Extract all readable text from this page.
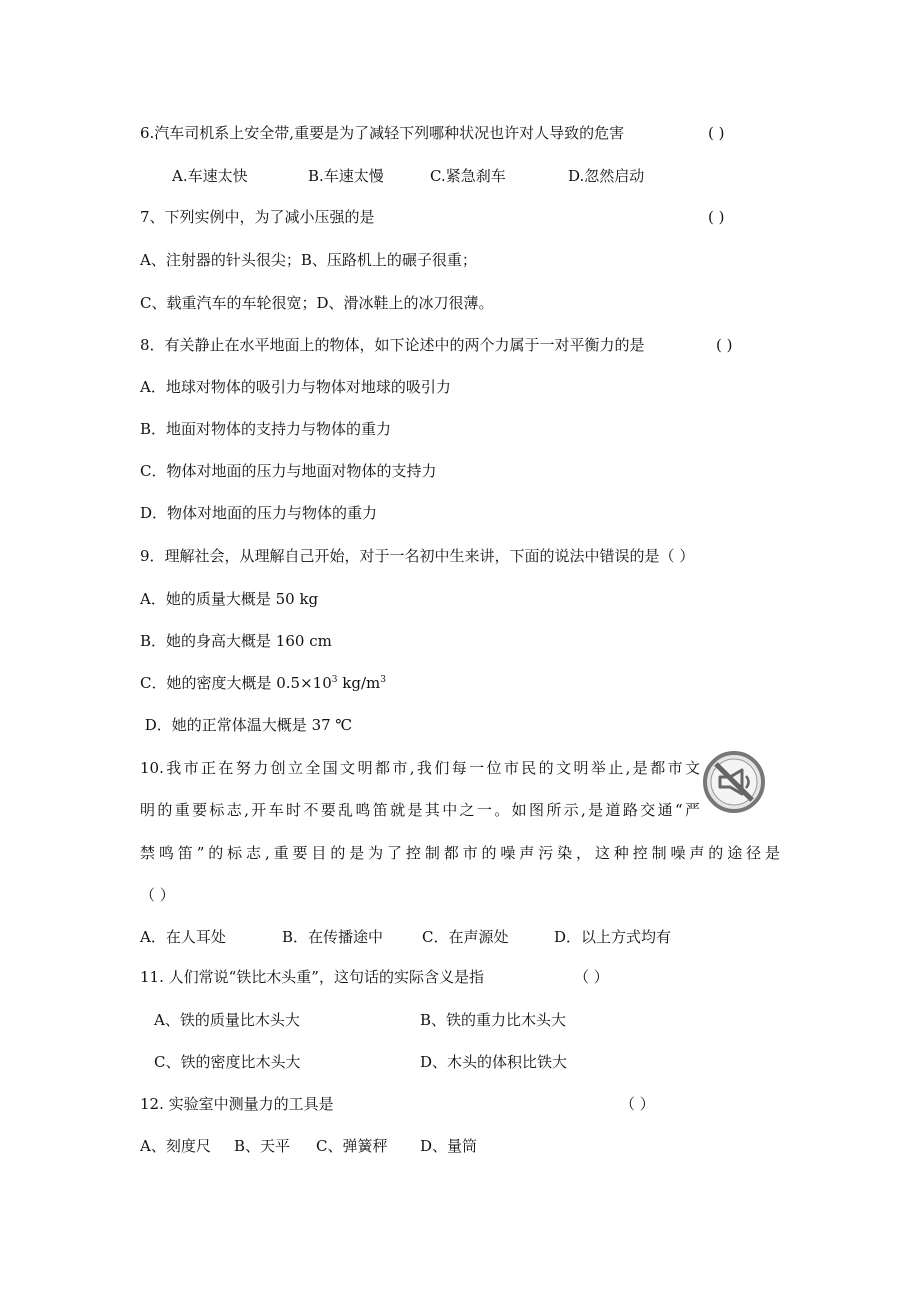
6.汽车司机系上安全带,重要是为了减轻下列哪种状况也许对人导致的危害	( )
A.车速太快	B.车速太慢	C.紧急刹车	D.忽然启动
7、下列实例中，为了减小压强的是	( )
A、注射器的针头很尖；B、压路机上的碾子很重；
C、载重汽车的车轮很宽；D、滑冰鞋上的冰刀很薄。
8．有关静止在水平地面上的物体，如下论述中的两个力属于一对平衡力的是	( )
A．地球对物体的吸引力与物体对地球的吸引力
B．地面对物体的支持力与物体的重力
C．物体对地面的压力与地面对物体的支持力
D．物体对地面的压力与物体的重力
9．理解社会，从理解自己开始，对于一名初中生来讲，下面的说法中错误的是（ ）
A．她的质量大概是 50 kg
B．她的身高大概是 160 cm
C．她的密度大概是 $0.5\times 10^3$ $kg/m^3$
D．她的正常体温大概是 37 ℃
10.我市正在努力创立全国文明都市,我们每一位市民的文明举止,是都市文
明的重要标志,开车时不要乱鸣笛就是其中之一。如图所示,是道路交通“严
禁鸣笛”的标志,重要目的是为了控制都市的噪声污染，这种控制噪声的途径是
（ ）
A．在人耳处	B．在传播途中	C．在声源处	D．以上方式均有
11. 人们常说“铁比木头重”，这句话的实际含义是指	（ ）
A、铁的质量比木头大	B、铁的重力比木头大
C、铁的密度比木头大	D、木头的体积比铁大
12. 实验室中测量力的工具是	（ ）
A、刻度尺 B、天平 C、弹簧秤 D、量筒
